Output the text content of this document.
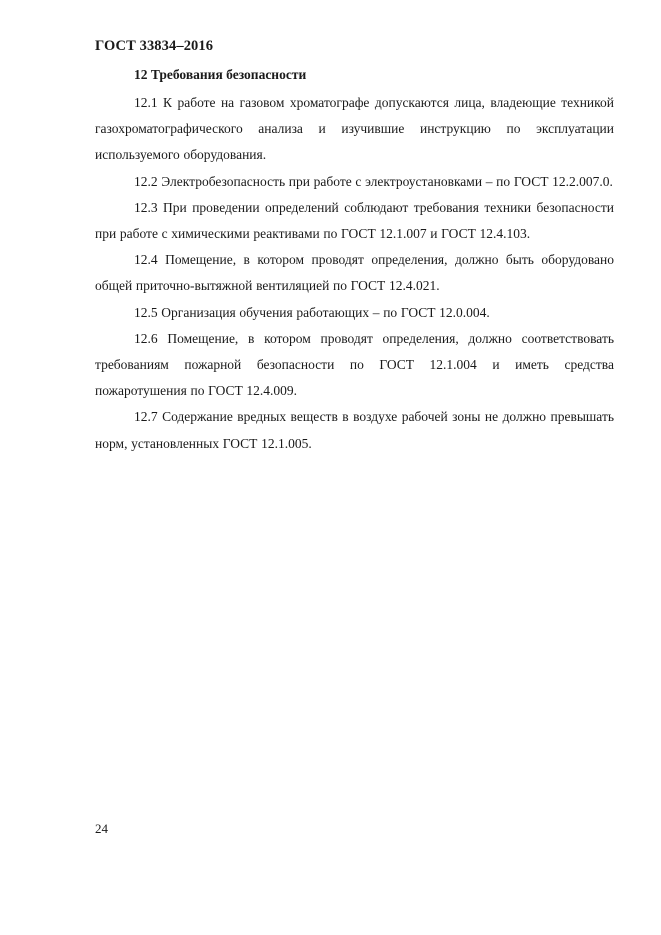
ГОСТ 33834–2016
12 Требования безопасности

12.1 К работе на газовом хроматографе допускаются лица, владеющие техникой газохроматографического анализа и изучившие инструкцию по эксплуатации используемого оборудования.

12.2 Электробезопасность при работе с электроустановками – по ГОСТ 12.2.007.0.

12.3 При проведении определений соблюдают требования техники безопасности при работе с химическими реактивами по ГОСТ 12.1.007 и ГОСТ 12.4.103.

12.4 Помещение, в котором проводят определения, должно быть оборудовано общей приточно-вытяжной вентиляцией по ГОСТ 12.4.021.

12.5 Организация обучения работающих – по ГОСТ 12.0.004.

12.6 Помещение, в котором проводят определения, должно соответствовать требованиям пожарной безопасности по ГОСТ 12.1.004 и иметь средства пожаротушения по ГОСТ 12.4.009.

12.7 Содержание вредных веществ в воздухе рабочей зоны не должно превышать норм, установленных ГОСТ 12.1.005.

24
